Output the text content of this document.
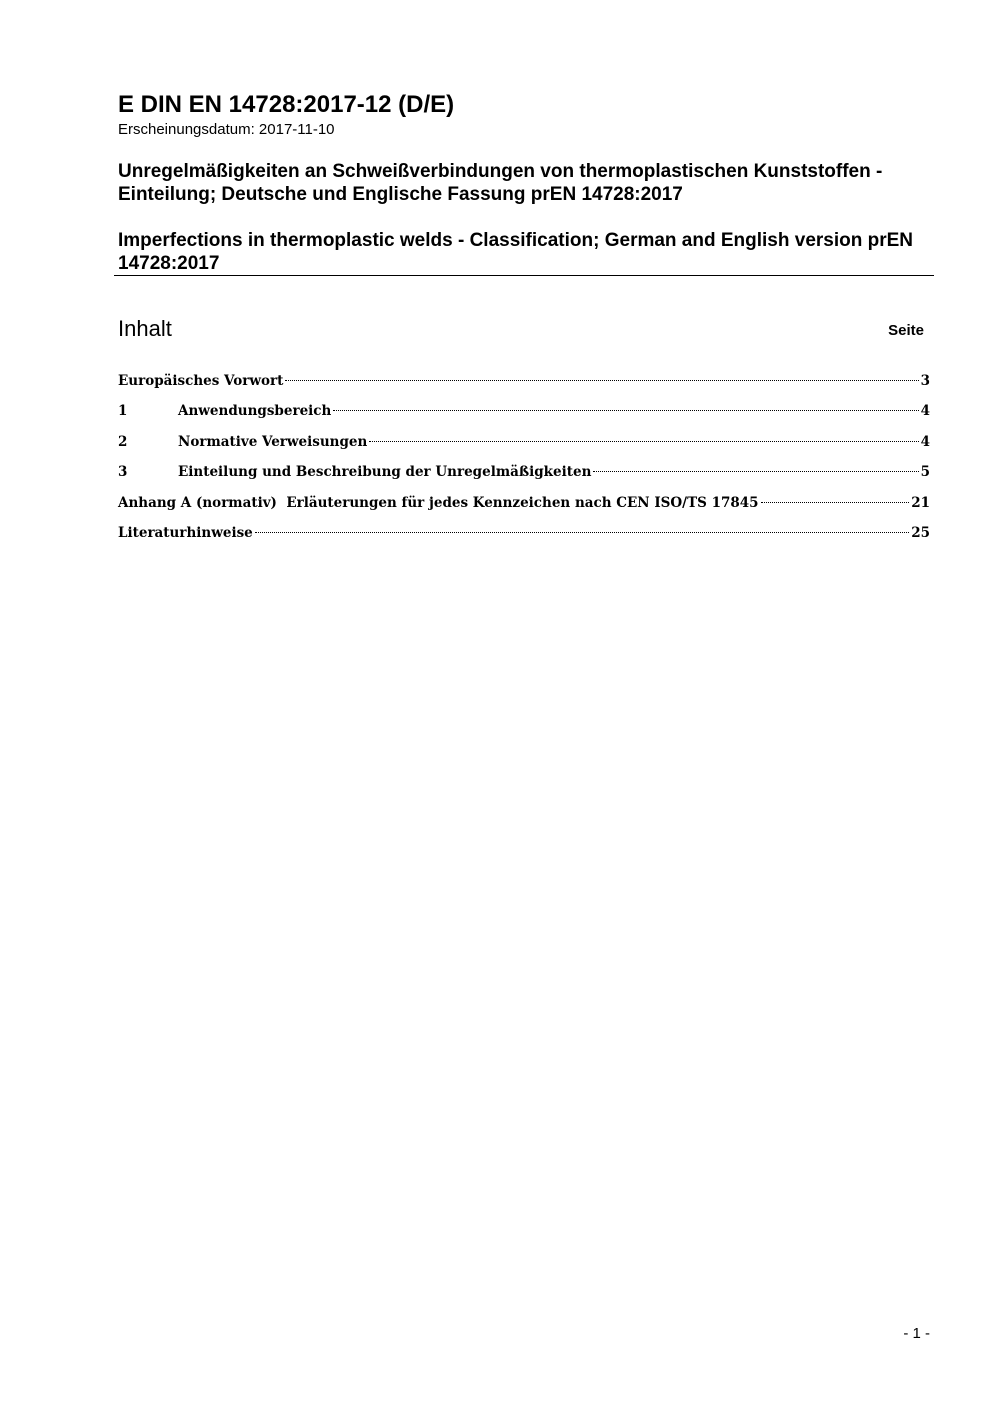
E DIN EN 14728:2017-12 (D/E)
Erscheinungsdatum: 2017-11-10
Unregelmäßigkeiten an Schweißverbindungen von thermoplastischen Kunststoffen - Einteilung; Deutsche und Englische Fassung prEN 14728:2017
Imperfections in thermoplastic welds - Classification; German and English version prEN 14728:2017
Inhalt	Seite
Europäisches Vorwort	3
1	Anwendungsbereich	4
2	Normative Verweisungen	4
3	Einteilung und Beschreibung der Unregelmäßigkeiten	5
Anhang A (normativ)  Erläuterungen für jedes Kennzeichen nach CEN ISO/TS 17845	21
Literaturhinweise	25
- 1 -
